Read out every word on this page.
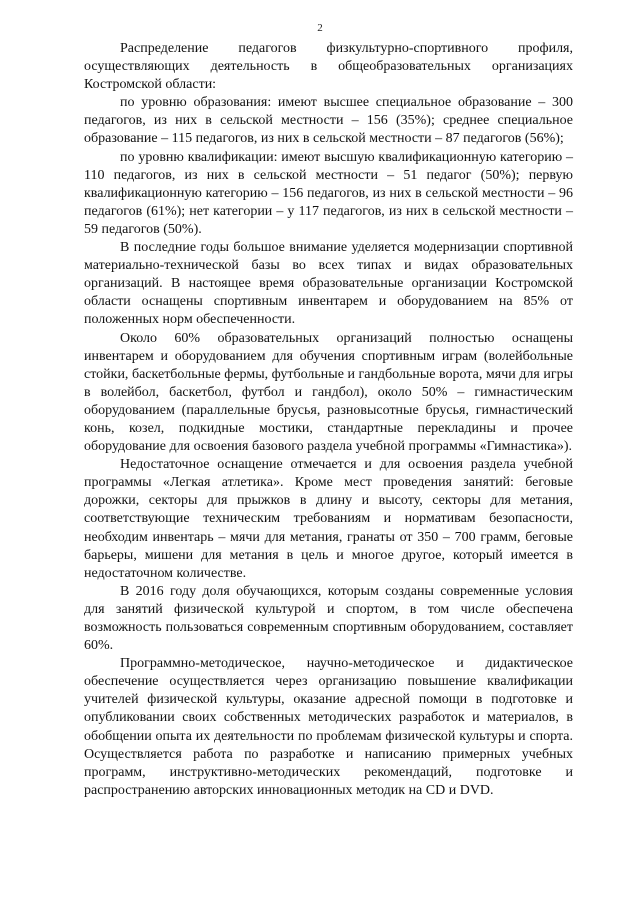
2

Распределение педагогов физкультурно-спортивного профиля, осуществляющих деятельность в общеобразовательных организациях Костромской области:

по уровню образования: имеют высшее специальное образование – 300 педагогов, из них в сельской местности – 156 (35%); среднее специальное образование – 115 педагогов, из них в сельской местности – 87 педагогов (56%);

по уровню квалификации: имеют высшую квалификационную категорию – 110 педагогов, из них в сельской местности – 51 педагог (50%); первую квалификационную категорию – 156 педагогов, из них в сельской местности – 96 педагогов (61%); нет категории – у 117 педагогов, из них в сельской местности – 59 педагогов (50%).

В последние годы большое внимание уделяется модернизации спортивной материально-технической базы во всех типах и видах образовательных организаций. В настоящее время образовательные организации Костромской области оснащены спортивным инвентарем и оборудованием на 85% от положенных норм обеспеченности.

Около 60% образовательных организаций полностью оснащены инвентарем и оборудованием для обучения спортивным играм (волейбольные стойки, баскетбольные фермы, футбольные и гандбольные ворота, мячи для игры в волейбол, баскетбол, футбол и гандбол), около 50% – гимнастическим оборудованием (параллельные брусья, разновысотные брусья, гимнастический конь, козел, подкидные мостики, стандартные перекладины и прочее оборудование для освоения базового раздела учебной программы «Гимнастика»).

Недостаточное оснащение отмечается и для освоения раздела учебной программы «Легкая атлетика». Кроме мест проведения занятий: беговые дорожки, секторы для прыжков в длину и высоту, секторы для метания, соответствующие техническим требованиям и нормативам безопасности, необходим инвентарь – мячи для метания, гранаты от 350 – 700 грамм, беговые барьеры, мишени для метания в цель и многое другое, который имеется в недостаточном количестве.

В 2016 году доля обучающихся, которым созданы современные условия для занятий физической культурой и спортом, в том числе обеспечена возможность пользоваться современным спортивным оборудованием, составляет 60%.

Программно-методическое, научно-методическое и дидактическое обеспечение осуществляется через организацию повышение квалификации учителей физической культуры, оказание адресной помощи в подготовке и опубликовании своих собственных методических разработок и материалов, в обобщении опыта их деятельности по проблемам физической культуры и спорта. Осуществляется работа по разработке и написанию примерных учебных программ, инструктивно-методических рекомендаций, подготовке и распространению авторских инновационных методик на CD и DVD.
